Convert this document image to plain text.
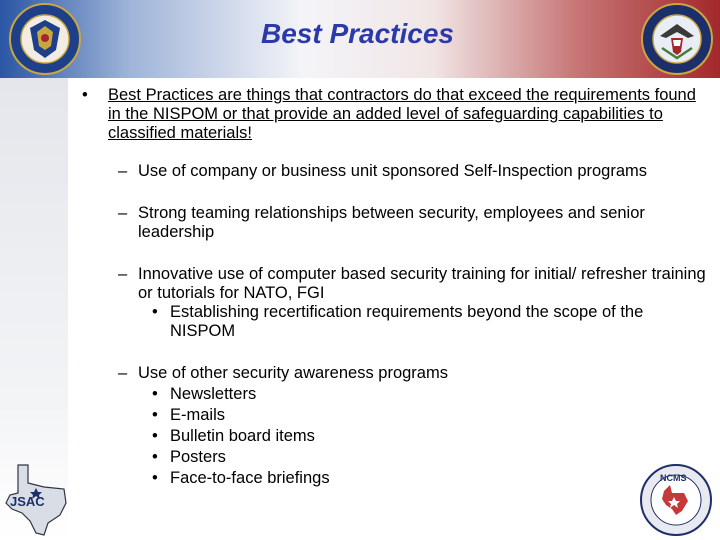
Best Practices
JSAC
NCMS
• Best Practices are things that contractors do that exceed the requirements found in the NISPOM or that provide an added level of safeguarding capabilities to classified materials!
– Use of company or business unit sponsored Self-Inspection programs
– Strong teaming relationships between security, employees and senior leadership
– Innovative use of computer based security training for initial/ refresher training or tutorials for NATO, FGI
• Establishing recertification requirements beyond the scope of the NISPOM
– Use of other security awareness programs
• Newsletters
• E-mails
• Bulletin board items
• Posters
• Face-to-face briefings
